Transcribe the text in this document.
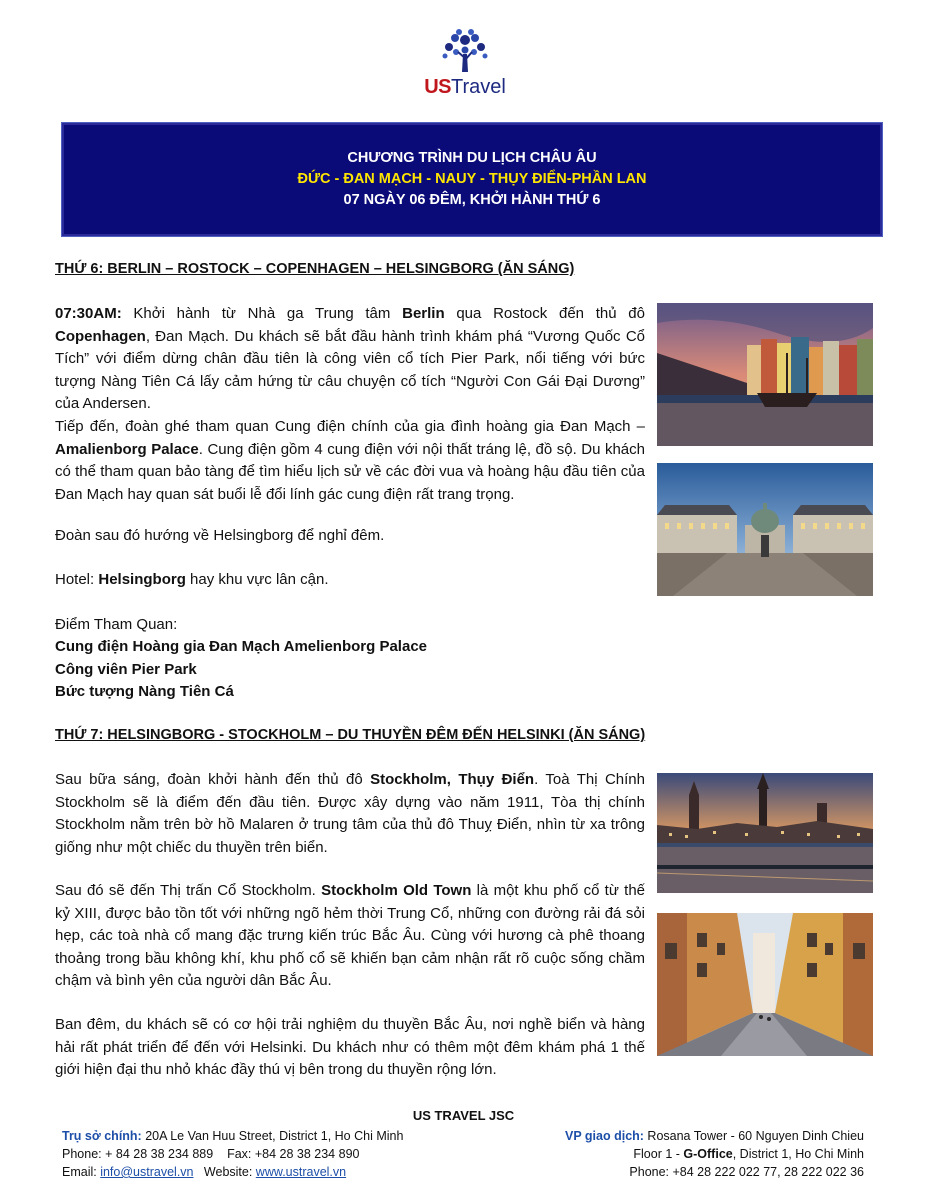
USTravel
CHƯƠNG TRÌNH DU LỊCH CHÂU ÂU
ĐỨC - ĐAN MẠCH - NAUY - THỤY ĐIỂN-PHẦN LAN
07 NGÀY 06 ĐÊM, KHỞI HÀNH THỨ 6
THỨ 6: BERLIN – ROSTOCK – COPENHAGEN – HELSINGBORG (ĂN SÁNG)
07:30AM: Khởi hành từ Nhà ga Trung tâm Berlin qua Rostock đến thủ đô Copenhagen, Đan Mạch. Du khách sẽ bắt đầu hành trình khám phá “Vương Quốc Cổ Tích” với điểm dừng chân đầu tiên là công viên cổ tích Pier Park, nổi tiếng với bức tượng Nàng Tiên Cá lấy cảm hứng từ câu chuyện cổ tích “Người Con Gái Đại Dương” của Andersen.
Tiếp đến, đoàn ghé tham quan Cung điện chính của gia đình hoàng gia Đan Mạch – Amalienborg Palace. Cung điện gồm 4 cung điện với nội thất tráng lệ, đồ sộ. Du khách có thể tham quan bảo tàng để tìm hiểu lịch sử về các đời vua và hoàng hậu đầu tiên của Đan Mạch hay quan sát buổi lễ đổi lính gác cung điện rất trang trọng.
Đoàn sau đó hướng về Helsingborg để nghỉ đêm.
Hotel: Helsingborg hay khu vực lân cận.
Điểm Tham Quan:
Cung điện Hoàng gia Đan Mạch Amelienborg Palace
Công viên Pier Park
Bức tượng Nàng Tiên Cá
THỨ 7: HELSINGBORG - STOCKHOLM – DU THUYỀN ĐÊM ĐẾN HELSINKI (ĂN SÁNG)
Sau bữa sáng, đoàn khởi hành đến thủ đô Stockholm, Thụy Điển. Toà Thị Chính Stockholm sẽ là điểm đến đầu tiên. Được xây dựng vào năm 1911, Tòa thị chính Stockholm nằm trên bờ hồ Malaren ở trung tâm của thủ đô Thuỵ Điển, nhìn từ xa trông giống như một chiếc du thuyền trên biển.
Sau đó sẽ đến Thị trấn Cổ Stockholm. Stockholm Old Town là một khu phố cổ từ thế kỷ XIII, được bảo tồn tốt với những ngõ hẻm thời Trung Cổ, những con đường rải đá sỏi hẹp, các toà nhà cổ mang đặc trưng kiến trúc Bắc Âu. Cùng với hương cà phê thoang thoảng trong bầu không khí, khu phố cổ sẽ khiến bạn cảm nhận rất rõ cuộc sống chầm chậm và bình yên của người dân Bắc Âu.
Ban đêm, du khách sẽ có cơ hội trải nghiệm du thuyền Bắc Âu, nơi nghề biển và hàng hải rất phát triển để đến với Helsinki. Du khách như có thêm một đêm khám phá 1 thế giới hiện đại thu nhỏ khác đầy thú vị bên trong du thuyền rộng lớn.
US TRAVEL JSC
Trụ sở chính: 20A Le Van Huu Street, District 1, Ho Chi Minh
Phone: + 84 28 38 234 889    Fax: +84 28 38 234 890
Email: info@ustravel.vn   Website: www.ustravel.vn
VP giao dịch: Rosana Tower - 60 Nguyen Dinh Chieu
Floor 1 - G-Office, District 1, Ho Chi Minh
Phone: +84 28 222 022 77, 28 222 022 36
